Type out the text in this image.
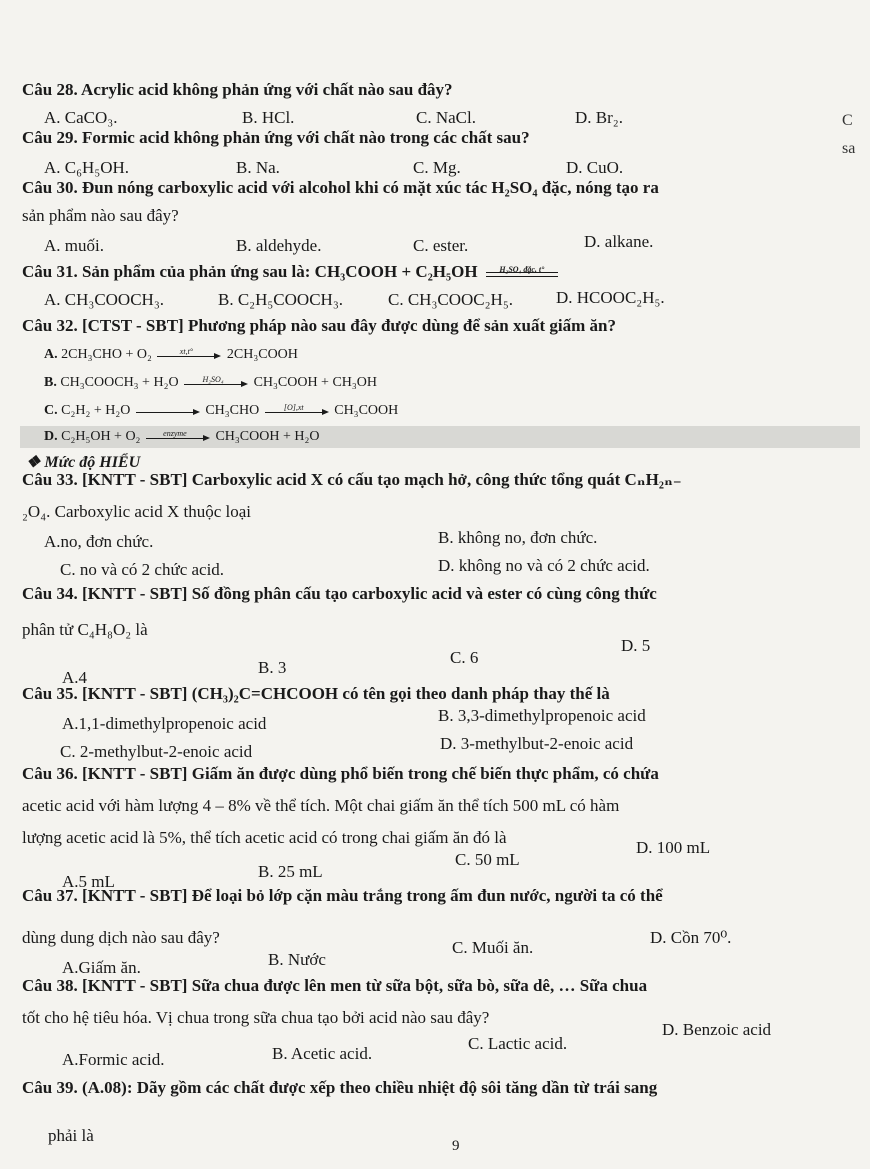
C
sa
Câu 28. Acrylic acid không phản ứng với chất nào sau đây?
A. CaCO₃.	B. HCl.	C. NaCl.	D. Br₂.
Câu 29. Formic acid không phản ứng với chất nào trong các chất sau?
A. C₆H₅OH.	B. Na.	C. Mg.	D. CuO.
Câu 30. Đun nóng carboxylic acid với alcohol khi có mặt xúc tác H₂SO₄ đặc, nóng tạo ra
sản phẩm nào sau đây?
A. muối.	B. aldehyde.	C. ester.	D. alkane.
Câu 31. Sản phẩm của phản ứng sau là: CH₃COOH + C₂H₅OH	H₂SO₄ đặc, t°
A. CH₃COOCH₃.	B. C₂H₅COOCH₃.	C. CH₃COOC₂H₅.	D. HCOOC₂H₅.
Câu 32. [CTST - SBT] Phương pháp nào sau đây được dùng để sản xuất giấm ăn?
A. 2CH₃CHO + O₂	xt,t°	2CH₃COOH
B. CH₃COOCH₃ + H₂O	H₂SO₄	CH₃COOH + CH₃OH
C. C₂H₂ + H₂O	CH₃CHO	[O],xt	CH₃COOH
D. C₂H₅OH + O₂	enzyme	CH₃COOH + H₂O
❖ Mức độ HIỂU
Câu 33. [KNTT - SBT] Carboxylic acid X có cấu tạo mạch hở, công thức tổng quát CₙH₂ₙ₋
₂O₄. Carboxylic acid X thuộc loại
A.no, đơn chức.	B. không no, đơn chức.
C. no và có 2 chức acid.	D. không no và có 2 chức acid.
Câu 34. [KNTT - SBT] Số đồng phân cấu tạo carboxylic acid và ester có cùng công thức
phân tử C₄H₈O₂ là
A.4
B. 3
C. 6
D. 5
Câu 35. [KNTT - SBT] (CH₃)₂C=CHCOOH có tên gọi theo danh pháp thay thế là
A.1,1-dimethylpropenoic acid	B. 3,3-dimethylpropenoic acid
C. 2-methylbut-2-enoic acid	D. 3-methylbut-2-enoic acid
Câu 36. [KNTT - SBT] Giấm ăn được dùng phổ biến trong chế biến thực phẩm, có chứa
acetic acid với hàm lượng 4 – 8% về thể tích. Một chai giấm ăn thể tích 500 mL có hàm
lượng acetic acid là 5%, thể tích acetic acid có trong chai giấm ăn đó là
A.5 mL
B. 25 mL
C. 50 mL
D. 100 mL
Câu 37. [KNTT - SBT] Để loại bỏ lớp cặn màu trắng trong ấm đun nước, người ta có thể
dùng dung dịch nào sau đây?
A.Giấm ăn.	B. Nước
C. Muối ăn.
D. Cồn 70⁰.
Câu 38. [KNTT - SBT] Sữa chua được lên men từ sữa bột, sữa bò, sữa dê, … Sữa chua
tốt cho hệ tiêu hóa. Vị chua trong sữa chua tạo bởi acid nào sau đây?
A.Formic acid.	B. Acetic acid.
C. Lactic acid.
D. Benzoic acid
Câu 39. (A.08): Dãy gồm các chất được xếp theo chiều nhiệt độ sôi tăng dần từ trái sang
phải là
9
